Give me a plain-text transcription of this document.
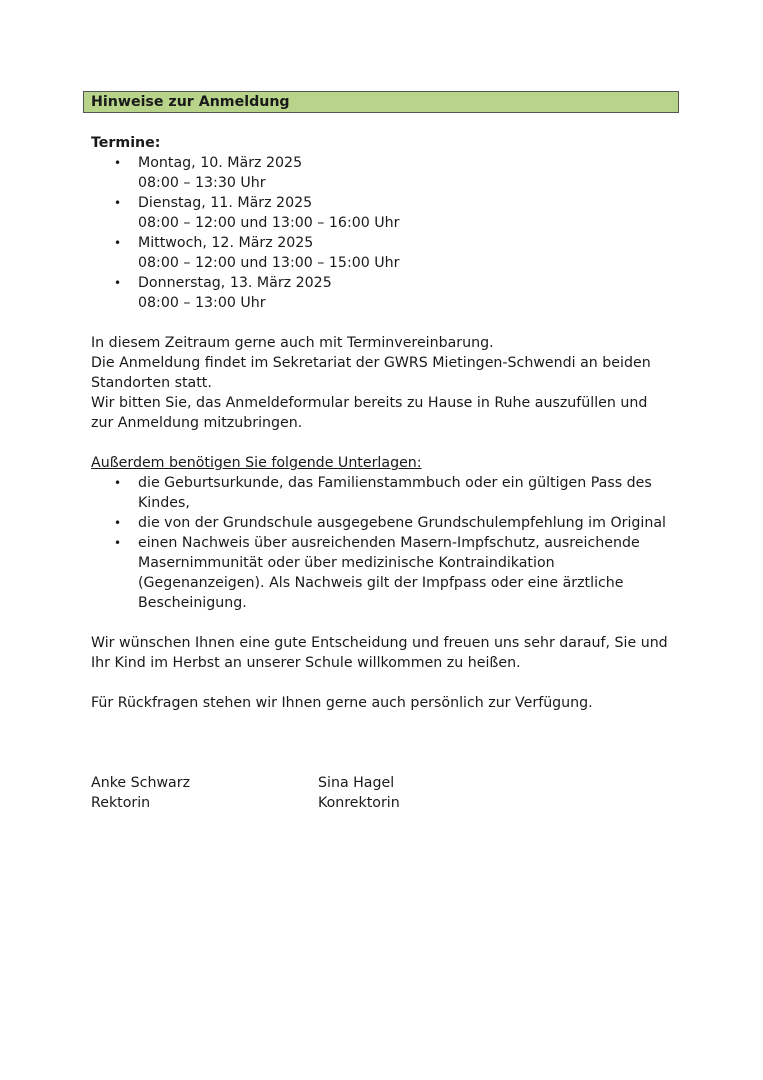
Hinweise zur Anmeldung
Termine:
• Montag, 10. März 2025
08:00 – 13:30 Uhr
• Dienstag, 11. März 2025
08:00 – 12:00 und 13:00 – 16:00 Uhr
• Mittwoch, 12. März 2025
08:00 – 12:00 und 13:00 – 15:00 Uhr
• Donnerstag, 13. März 2025
08:00 – 13:00 Uhr

In diesem Zeitraum gerne auch mit Terminvereinbarung.

Die Anmeldung findet im Sekretariat der GWRS Mietingen-Schwendi an beiden

Standorten statt.

Wir bitten Sie, das Anmeldeformular bereits zu Hause in Ruhe auszufüllen und

zur Anmeldung mitzubringen.

Außerdem benötigen Sie folgende Unterlagen:
• die Geburtsurkunde, das Familienstammbuch oder ein gültigen Pass des
Kindes,
• die von der Grundschule ausgegebene Grundschulempfehlung im Original
• einen Nachweis über ausreichenden Masern-Impfschutz, ausreichende
Masernimmunität oder über medizinische Kontraindikation
(Gegenanzeigen). Als Nachweis gilt der Impfpass oder eine ärztliche
Bescheinigung.

Wir wünschen Ihnen eine gute Entscheidung und freuen uns sehr darauf, Sie und

Ihr Kind im Herbst an unserer Schule willkommen zu heißen.

Für Rückfragen stehen wir Ihnen gerne auch persönlich zur Verfügung.

Anke Schwarz	Sina Hagel
Rektorin	Konrektorin
